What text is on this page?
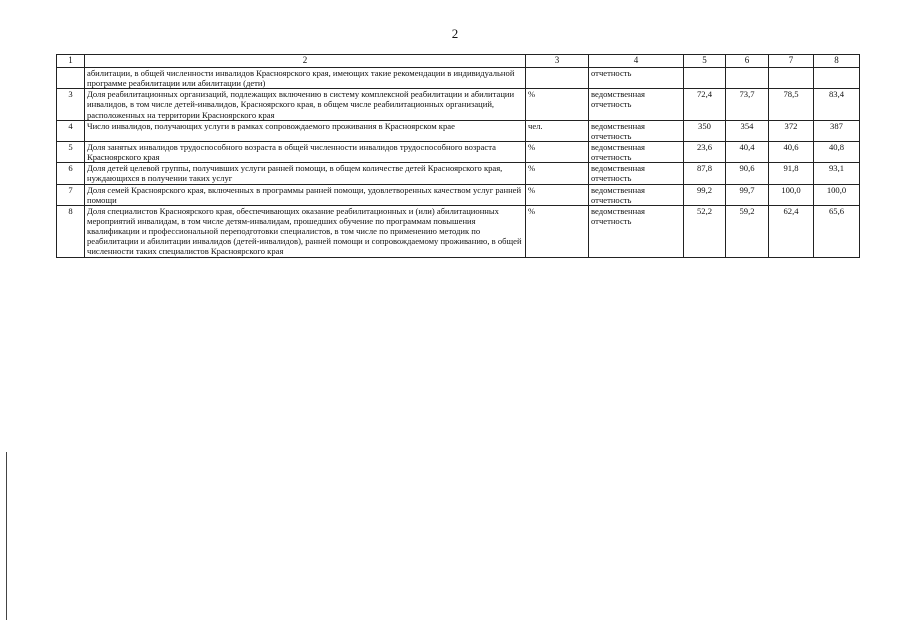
2
1	2	3	4	5	6	7	8
	абилитации, в общей численности инвалидов Красноярского края, имеющих такие рекомендации в индивидуальной программе реабилитации или абилитации (дети)		отчетность				
3	Доля реабилитационных организаций, подлежащих включению в систему комплексной реабилитации и абилитации инвалидов, в том числе детей-инвалидов, Красноярского края, в общем числе реабилитационных организаций, расположенных на территории Красноярского края	%	ведомственная отчетность	72,4	73,7	78,5	83,4
4	Число инвалидов, получающих услуги в рамках сопровождаемого проживания в Красноярском крае	чел.	ведомственная отчетность	350	354	372	387
5	Доля занятых инвалидов трудоспособного возраста в общей численности инвалидов трудоспособного возраста Красноярского края	%	ведомственная отчетность	23,6	40,4	40,6	40,8
6	Доля детей целевой группы, получивших услуги ранней помощи, в общем количестве детей Красноярского края, нуждающихся в получении таких услуг	%	ведомственная отчетность	87,8	90,6	91,8	93,1
7	Доля семей Красноярского края, включенных в программы ранней помощи, удовлетворенных качеством услуг ранней помощи	%	ведомственная отчетность	99,2	99,7	100,0	100,0
8	Доля специалистов Красноярского края, обеспечивающих оказание реабилитационных и (или) абилитационных мероприятий инвалидам, в том числе детям-инвалидам, прошедших обучение по программам повышения квалификации и профессиональной переподготовки специалистов, в том числе по применению методик по реабилитации и абилитации инвалидов (детей-инвалидов), ранней помощи и сопровождаемому проживанию, в общей численности таких специалистов Красноярского края	%	ведомственная отчетность	52,2	59,2	62,4	65,6
